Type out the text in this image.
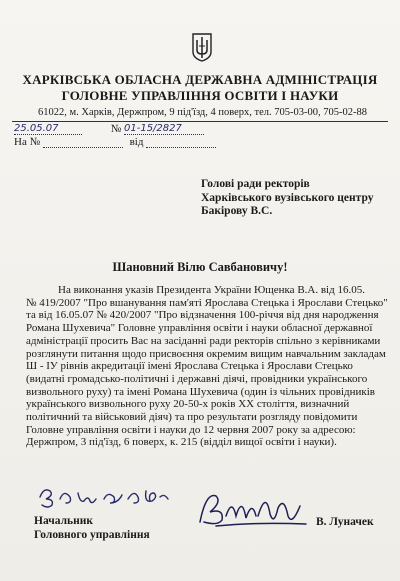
ХАРКІВСЬКА ОБЛАСНА ДЕРЖАВНА АДМІНІСТРАЦІЯ
ГОЛОВНЕ УПРАВЛІННЯ ОСВІТИ І НАУКИ
61022, м. Харків, Держпром, 9 під'їзд, 4 поверх, тел. 705-03-00, 705-02-88
25.05.07	№ 01-15/2827
На №	від
Голові ради ректорів
Харківського вузівського центру
Бакірову В.С.
Шановний Вілю Савбановичу!
На виконання указів Президента України Ющенка В.А. від 16.05.
№ 419/2007 "Про вшанування пам'яті Ярослава Стецька і Ярослави Стецько"
та від 16.05.07 № 420/2007 "Про відзначення 100-річчя від дня народження
Романа Шухевича" Головне управління освіти і науки обласної державної
адміністрації просить Вас на засіданні ради ректорів спільно з керівниками
розглянути питання щодо присвоєння окремим вищим навчальним закладам
Ш - ІУ рівнів акредитації імені Ярослава Стецька і Ярослави Стецько
(видатні громадсько-політичні і державні діячі, провідники українського
визвольного руху) та імені Романа Шухевича (один із чільних провідників
українського визвольного руху 20-50-х років XX століття, визначний
політичний та військовий діяч) та про результати розгляду повідомити
Головне управління освіти і науки до 12 червня 2007 року за адресою:
Держпром, 3 під'їзд, 6 поверх, к. 215 (відділ вищої освіти і науки).
Начальник
Головного управління
В. Луначек
